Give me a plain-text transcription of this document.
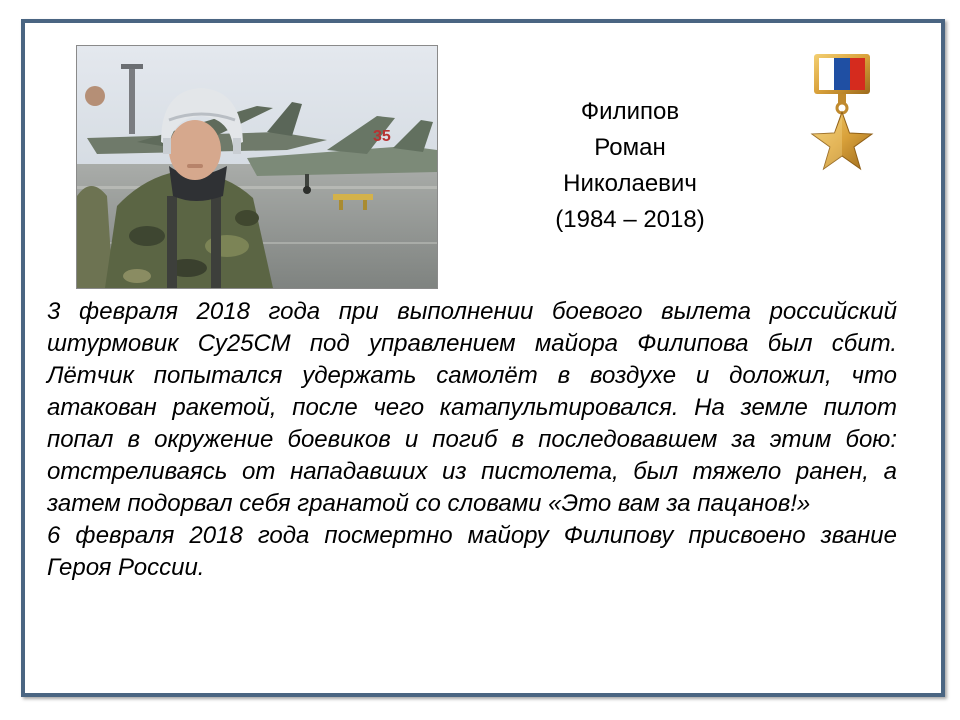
35
Филипов
Роман
Николаевич
(1984 – 2018)

3 февраля 2018 года при выполнении боевого вылета российский штурмовик Су25СМ под управлением майора Филипова был сбит. Лётчик попытался удержать самолёт в воздухе и доложил, что атакован ракетой, после чего катапультировался. На земле пилот попал в окружение боевиков и погиб в последовавшем за этим бою: отстреливаясь от нападавших из пистолета, был тяжело ранен, а затем подорвал себя гранатой со словами «Это вам за пацанов!»

6 февраля 2018 года посмертно майору Филипову присвоено звание Героя России.
